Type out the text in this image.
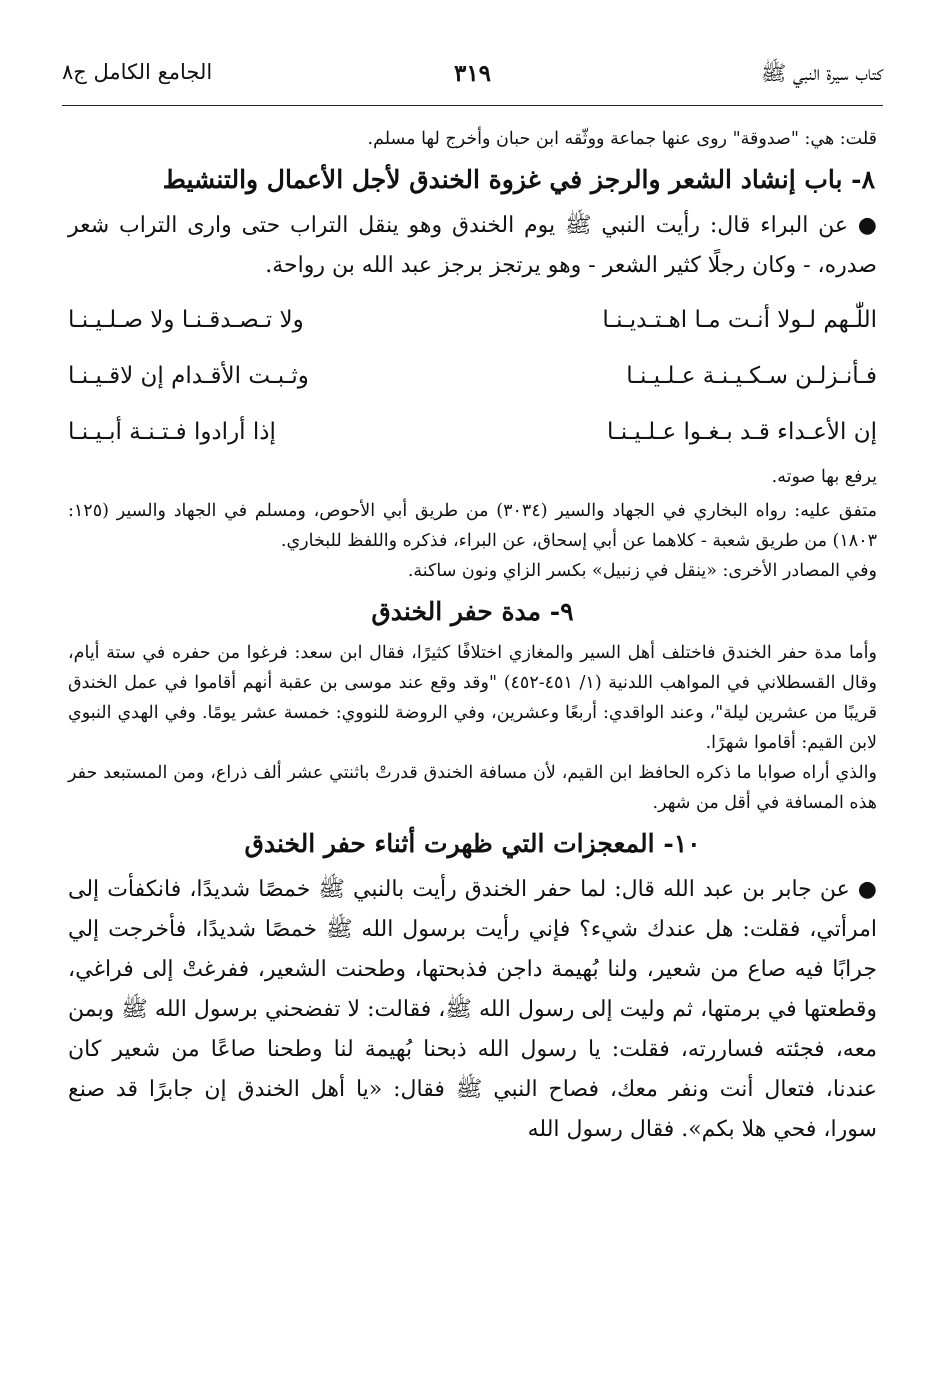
كتاب سيرة النبي ﷺ
٣١٩
الجامع الكامل ج٨

قلت: هي: "صدوقة" روى عنها جماعة ووثّقه ابن حبان وأخرج لها مسلم.

٨- باب إنشاد الشعر والرجز في غزوة الخندق لأجل الأعمال والتنشيط

● عن البراء قال: رأيت النبي ﷺ يوم الخندق وهو ينقل التراب حتى وارى التراب شعر صدره، - وكان رجلًا كثير الشعر - وهو يرتجز برجز عبد الله بن رواحة.

اللّٰـهم لـولا أنـت مـا اهـتـديـنـا
ولا تـصـدقـنـا ولا صـلـيـنـا
فـأنـزلـن سـكـيـنـة عـلـيـنـا
وثـبـت الأقـدام إن لاقـيـنـا
إن الأعـداء قـد بـغـوا عـلـيـنـا
إذا أرادوا فـتـنـة أبـيـنـا

يرفع بها صوته.

متفق عليه: رواه البخاري في الجهاد والسير (٣٠٣٤) من طريق أبي الأحوص، ومسلم في الجهاد والسير (١٢٥: ١٨٠٣) من طريق شعبة - كلاهما عن أبي إسحاق، عن البراء، فذكره واللفظ للبخاري.

وفي المصادر الأخرى: «ينقل في زنبيل» بكسر الزاي ونون ساكنة.

٩- مدة حفر الخندق

وأما مدة حفر الخندق فاختلف أهل السير والمغازي اختلافًا كثيرًا، فقال ابن سعد: فرغوا من حفره في ستة أيام، وقال القسطلاني في المواهب اللدنية (١/ ٤٥١-٤٥٢) "وقد وقع عند موسى بن عقبة أنهم أقاموا في عمل الخندق قريبًا من عشرين ليلة"، وعند الواقدي: أربعًا وعشرين، وفي الروضة للنووي: خمسة عشر يومًا. وفي الهدي النبوي لابن القيم: أقاموا شهرًا.

والذي أراه صوابا ما ذكره الحافظ ابن القيم، لأن مسافة الخندق قدرتْ باثنتي عشر ألف ذراع، ومن المستبعد حفر هذه المسافة في أقل من شهر.

١٠- المعجزات التي ظهرت أثناء حفر الخندق

● عن جابر بن عبد الله قال: لما حفر الخندق رأيت بالنبي ﷺ خمصًا شديدًا، فانكفأت إلى امرأتي، فقلت: هل عندك شيء؟ فإني رأيت برسول الله ﷺ خمصًا شديدًا، فأخرجت إلي جرابًا فيه صاع من شعير، ولنا بُهيمة داجن فذبحتها، وطحنت الشعير، ففرغتْ إلى فراغي، وقطعتها في برمتها، ثم وليت إلى رسول الله ﷺ، فقالت: لا تفضحني برسول الله ﷺ وبمن معه، فجئته فساررته، فقلت: يا رسول الله ذبحنا بُهيمة لنا وطحنا صاعًا من شعير كان عندنا، فتعال أنت ونفر معك، فصاح النبي ﷺ فقال: «يا أهل الخندق إن جابرًا قد صنع سورا، فحي هلا بكم». فقال رسول الله
